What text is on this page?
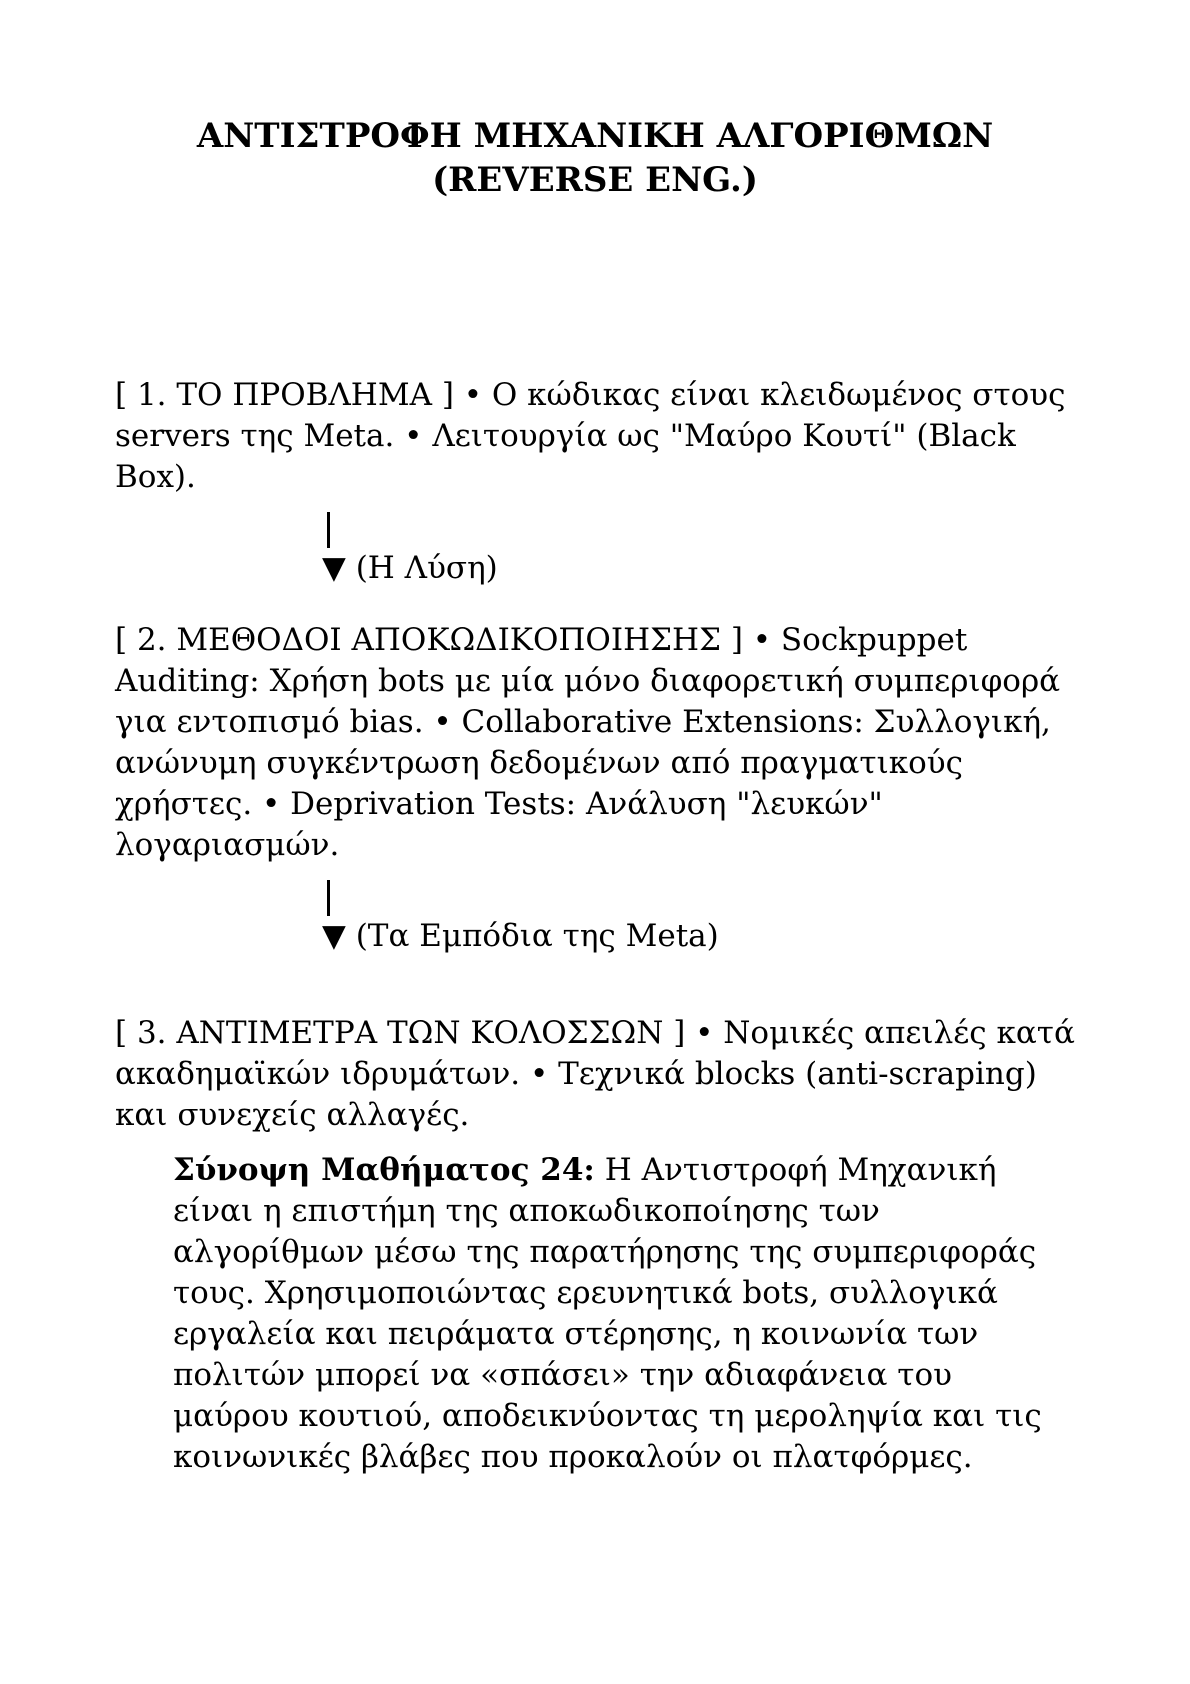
ΑΝΤΙΣΤΡΟΦΗ ΜΗΧΑΝΙΚΗ ΑΛΓΟΡΙΘΜΩΝ
(REVERSE ENG.)
[ 1. ΤΟ ΠΡΟΒΛΗΜΑ ] • Ο κώδικας είναι κλειδωμένος στους servers της Meta. • Λειτουργία ως "Μαύρο Κουτί" (Black Box).
▼ (Η Λύση)
[ 2. ΜΕΘΟΔΟΙ ΑΠΟΚΩΔΙΚΟΠΟΙΗΣΗΣ ] • Sockpuppet Auditing: Χρήση bots με μία μόνο διαφορετική συμπεριφορά για εντοπισμό bias. • Collaborative Extensions: Συλλογική, ανώνυμη συγκέντρωση δεδομένων από πραγματικούς χρήστες. • Deprivation Tests: Ανάλυση "λευκών" λογαριασμών.
▼ (Τα Εμπόδια της Meta)
[ 3. ΑΝΤΙΜΕΤΡΑ ΤΩΝ ΚΟΛΟΣΣΩΝ ] • Νομικές απειλές κατά ακαδημαϊκών ιδρυμάτων. • Τεχνικά blocks (anti-scraping) και συνεχείς αλλαγές.
Σύνοψη Μαθήματος 24: Η Αντιστροφή Μηχανική είναι η επιστήμη της αποκωδικοποίησης των αλγορίθμων μέσω της παρατήρησης της συμπεριφοράς τους. Χρησιμοποιώντας ερευνητικά bots, συλλογικά εργαλεία και πειράματα στέρησης, η κοινωνία των πολιτών μπορεί να «σπάσει» την αδιαφάνεια του μαύρου κουτιού, αποδεικνύοντας τη μεροληψία και τις κοινωνικές βλάβες που προκαλούν οι πλατφόρμες.
